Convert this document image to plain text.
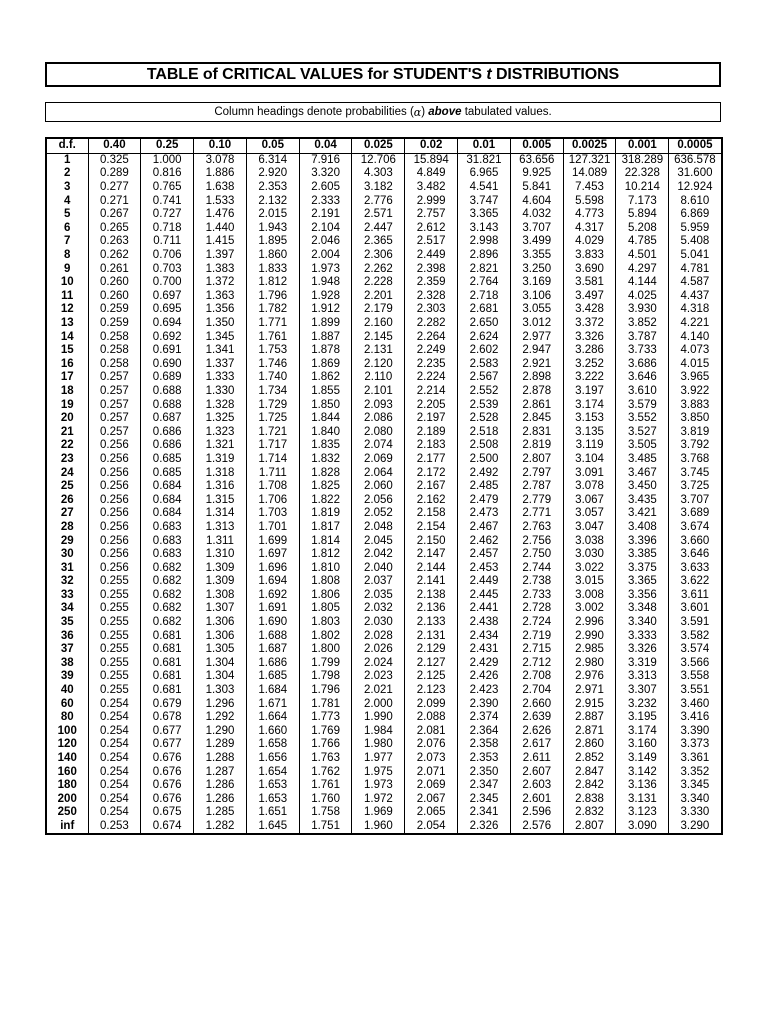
TABLE of CRITICAL VALUES for STUDENT'S t DISTRIBUTIONS
Column headings denote probabilities ( α )
above
tabulated values.
d.f.	0.40	0.25	0.10	0.05	0.04	0.025	0.02	0.01	0.005	0.0025	0.001	0.0005
1	0.325	1.000	3.078	6.314	7.916	12.706	15.894	31.821	63.656	127.321	318.289	636.578
2	0.289	0.816	1.886	2.920	3.320	4.303	4.849	6.965	9.925	14.089	22.328	31.600
3	0.277	0.765	1.638	2.353	2.605	3.182	3.482	4.541	5.841	7.453	10.214	12.924
4	0.271	0.741	1.533	2.132	2.333	2.776	2.999	3.747	4.604	5.598	7.173	8.610
5	0.267	0.727	1.476	2.015	2.191	2.571	2.757	3.365	4.032	4.773	5.894	6.869
6	0.265	0.718	1.440	1.943	2.104	2.447	2.612	3.143	3.707	4.317	5.208	5.959
7	0.263	0.711	1.415	1.895	2.046	2.365	2.517	2.998	3.499	4.029	4.785	5.408
8	0.262	0.706	1.397	1.860	2.004	2.306	2.449	2.896	3.355	3.833	4.501	5.041
9	0.261	0.703	1.383	1.833	1.973	2.262	2.398	2.821	3.250	3.690	4.297	4.781
10	0.260	0.700	1.372	1.812	1.948	2.228	2.359	2.764	3.169	3.581	4.144	4.587
11	0.260	0.697	1.363	1.796	1.928	2.201	2.328	2.718	3.106	3.497	4.025	4.437
12	0.259	0.695	1.356	1.782	1.912	2.179	2.303	2.681	3.055	3.428	3.930	4.318
13	0.259	0.694	1.350	1.771	1.899	2.160	2.282	2.650	3.012	3.372	3.852	4.221
14	0.258	0.692	1.345	1.761	1.887	2.145	2.264	2.624	2.977	3.326	3.787	4.140
15	0.258	0.691	1.341	1.753	1.878	2.131	2.249	2.602	2.947	3.286	3.733	4.073
16	0.258	0.690	1.337	1.746	1.869	2.120	2.235	2.583	2.921	3.252	3.686	4.015
17	0.257	0.689	1.333	1.740	1.862	2.110	2.224	2.567	2.898	3.222	3.646	3.965
18	0.257	0.688	1.330	1.734	1.855	2.101	2.214	2.552	2.878	3.197	3.610	3.922
19	0.257	0.688	1.328	1.729	1.850	2.093	2.205	2.539	2.861	3.174	3.579	3.883
20	0.257	0.687	1.325	1.725	1.844	2.086	2.197	2.528	2.845	3.153	3.552	3.850
21	0.257	0.686	1.323	1.721	1.840	2.080	2.189	2.518	2.831	3.135	3.527	3.819
22	0.256	0.686	1.321	1.717	1.835	2.074	2.183	2.508	2.819	3.119	3.505	3.792
23	0.256	0.685	1.319	1.714	1.832	2.069	2.177	2.500	2.807	3.104	3.485	3.768
24	0.256	0.685	1.318	1.711	1.828	2.064	2.172	2.492	2.797	3.091	3.467	3.745
25	0.256	0.684	1.316	1.708	1.825	2.060	2.167	2.485	2.787	3.078	3.450	3.725
26	0.256	0.684	1.315	1.706	1.822	2.056	2.162	2.479	2.779	3.067	3.435	3.707
27	0.256	0.684	1.314	1.703	1.819	2.052	2.158	2.473	2.771	3.057	3.421	3.689
28	0.256	0.683	1.313	1.701	1.817	2.048	2.154	2.467	2.763	3.047	3.408	3.674
29	0.256	0.683	1.311	1.699	1.814	2.045	2.150	2.462	2.756	3.038	3.396	3.660
30	0.256	0.683	1.310	1.697	1.812	2.042	2.147	2.457	2.750	3.030	3.385	3.646
31	0.256	0.682	1.309	1.696	1.810	2.040	2.144	2.453	2.744	3.022	3.375	3.633
32	0.255	0.682	1.309	1.694	1.808	2.037	2.141	2.449	2.738	3.015	3.365	3.622
33	0.255	0.682	1.308	1.692	1.806	2.035	2.138	2.445	2.733	3.008	3.356	3.611
34	0.255	0.682	1.307	1.691	1.805	2.032	2.136	2.441	2.728	3.002	3.348	3.601
35	0.255	0.682	1.306	1.690	1.803	2.030	2.133	2.438	2.724	2.996	3.340	3.591
36	0.255	0.681	1.306	1.688	1.802	2.028	2.131	2.434	2.719	2.990	3.333	3.582
37	0.255	0.681	1.305	1.687	1.800	2.026	2.129	2.431	2.715	2.985	3.326	3.574
38	0.255	0.681	1.304	1.686	1.799	2.024	2.127	2.429	2.712	2.980	3.319	3.566
39	0.255	0.681	1.304	1.685	1.798	2.023	2.125	2.426	2.708	2.976	3.313	3.558
40	0.255	0.681	1.303	1.684	1.796	2.021	2.123	2.423	2.704	2.971	3.307	3.551
60	0.254	0.679	1.296	1.671	1.781	2.000	2.099	2.390	2.660	2.915	3.232	3.460
80	0.254	0.678	1.292	1.664	1.773	1.990	2.088	2.374	2.639	2.887	3.195	3.416
100	0.254	0.677	1.290	1.660	1.769	1.984	2.081	2.364	2.626	2.871	3.174	3.390
120	0.254	0.677	1.289	1.658	1.766	1.980	2.076	2.358	2.617	2.860	3.160	3.373
140	0.254	0.676	1.288	1.656	1.763	1.977	2.073	2.353	2.611	2.852	3.149	3.361
160	0.254	0.676	1.287	1.654	1.762	1.975	2.071	2.350	2.607	2.847	3.142	3.352
180	0.254	0.676	1.286	1.653	1.761	1.973	2.069	2.347	2.603	2.842	3.136	3.345
200	0.254	0.676	1.286	1.653	1.760	1.972	2.067	2.345	2.601	2.838	3.131	3.340
250	0.254	0.675	1.285	1.651	1.758	1.969	2.065	2.341	2.596	2.832	3.123	3.330
inf	0.253	0.674	1.282	1.645	1.751	1.960	2.054	2.326	2.576	2.807	3.090	3.290
